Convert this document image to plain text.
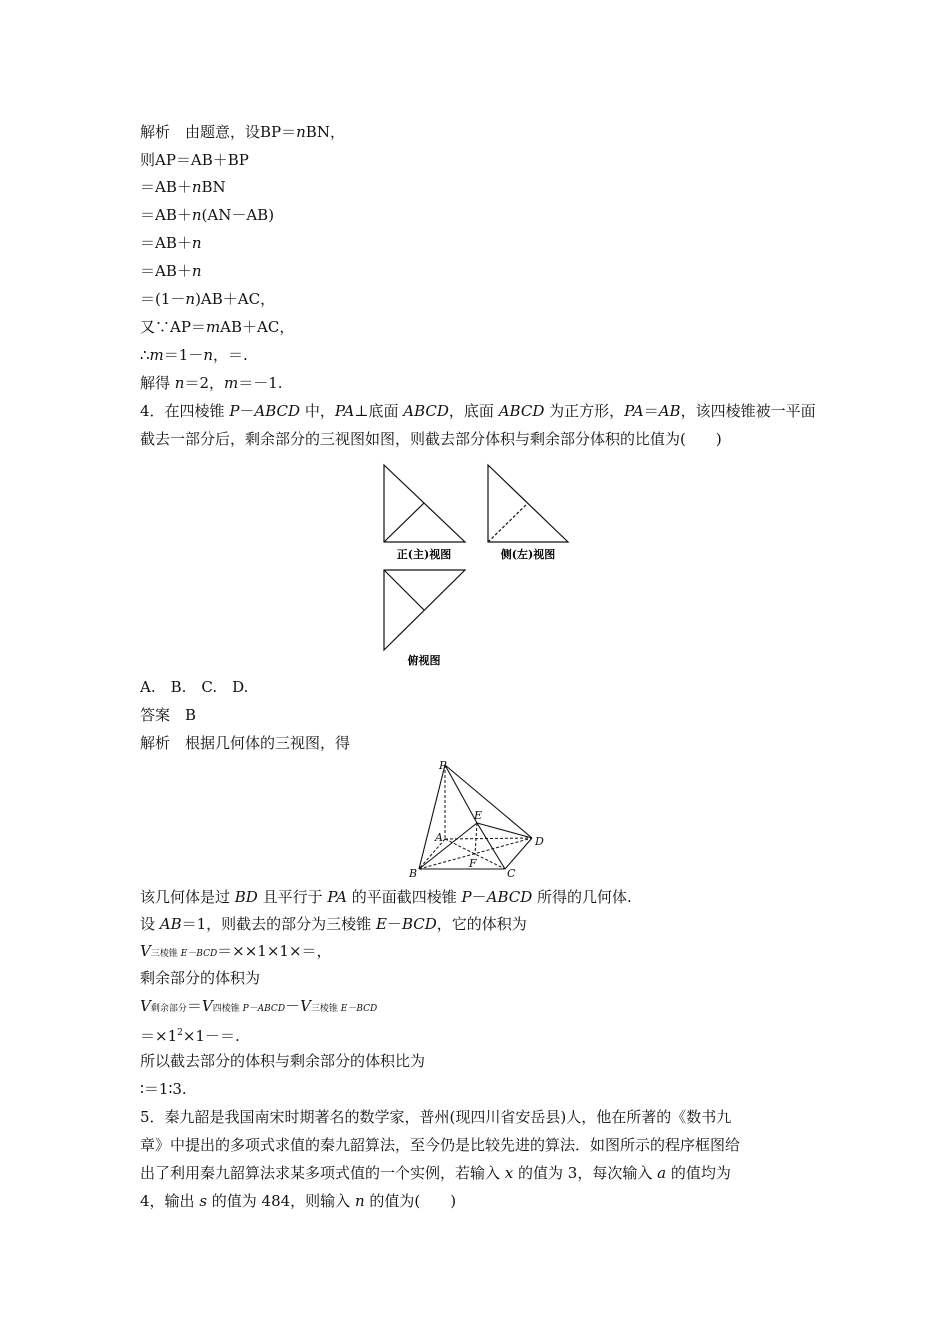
解析　由题意，设BP＝nBN，
则AP＝AB＋BP
＝AB＋nBN
＝AB＋n(AN－AB)
＝AB＋n
＝AB＋n
＝(1－n)AB＋AC，
又∵AP＝mAB＋AC，
∴m＝1－n，＝.
解得 n＝2，m＝－1.
4．在四棱锥 P－ABCD 中，PA⊥底面 ABCD，底面 ABCD 为正方形，PA＝AB，该四棱锥被一平面
截去一部分后，剩余部分的三视图如图，则截去部分体积与剩余部分体积的比值为(　　)
正(主)视图	侧(左)视图
俯视图
A.　B.　C.　D.
答案　B
解析　根据几何体的三视图，得
P
E
A	D
F
B	C
该几何体是过 BD 且平行于 PA 的平面截四棱锥 P－ABCD 所得的几何体.
设 AB＝1，则截去的部分为三棱锥 E－BCD，它的体积为
V三棱锥 E－BCD＝××1×1×＝，
剩余部分的体积为
V剩余部分＝V四棱锥 P－ABCD－V三棱锥 E－BCD
$=\times 1^2\times 1-=$.
所以截去部分的体积与剩余部分的体积比为
∶＝1∶3.
5．秦九韶是我国南宋时期著名的数学家，普州(现四川省安岳县)人，他在所著的《数书九
章》中提出的多项式求值的秦九韶算法，至今仍是比较先进的算法．如图所示的程序框图给
出了利用秦九韶算法求某多项式值的一个实例，若输入 x 的值为 3，每次输入 a 的值均为
4，输出 s 的值为 484，则输入 n 的值为(　　)
